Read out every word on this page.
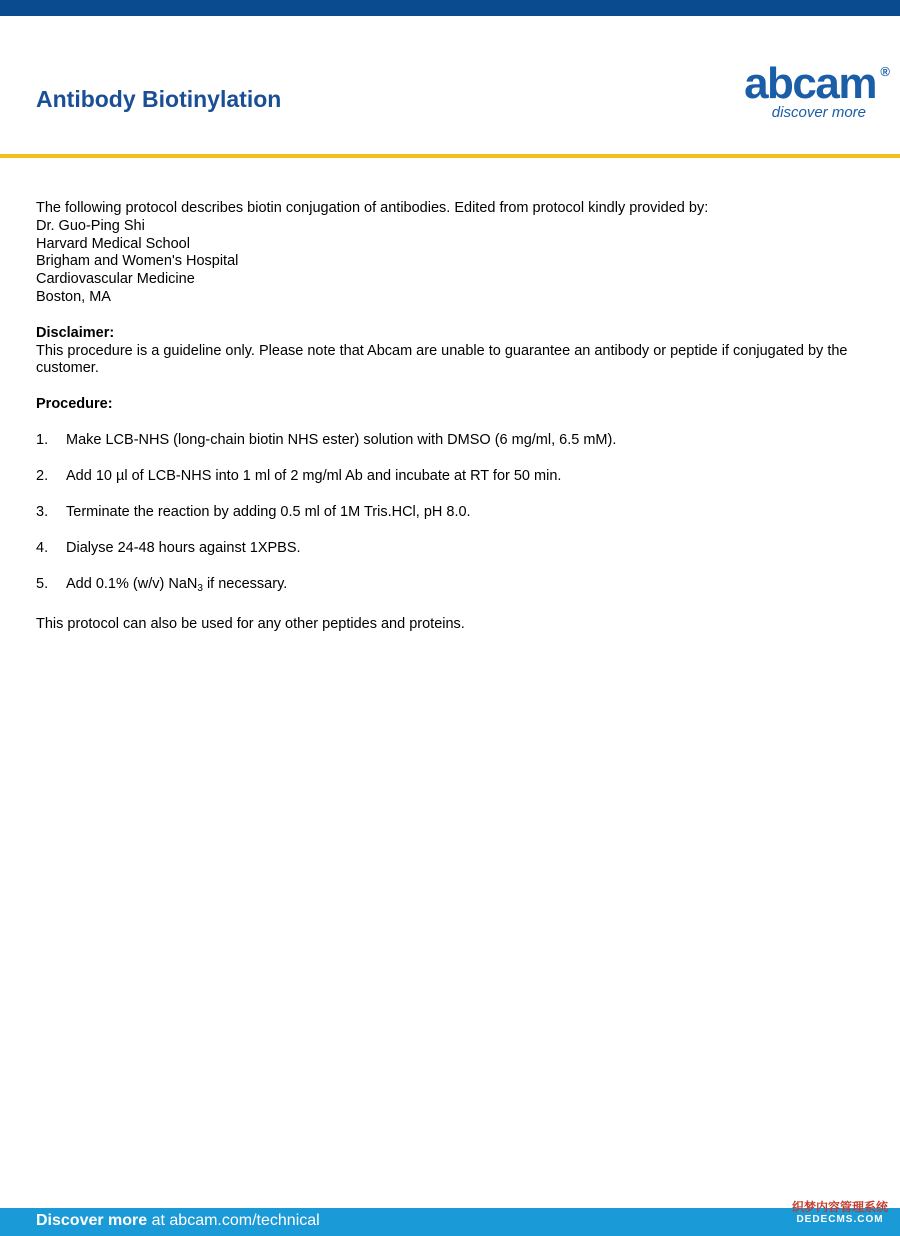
Antibody Biotinylation	abcam ®
discover more
The following protocol describes biotin conjugation of antibodies. Edited from protocol kindly provided by:
Dr. Guo-Ping Shi
Harvard Medical School
Brigham and Women's Hospital
Cardiovascular Medicine
Boston, MA
Disclaimer:
This procedure is a guideline only. Please note that Abcam are unable to guarantee an antibody or peptide if conjugated by the customer.
Procedure:
1.	Make LCB-NHS (long-chain biotin NHS ester) solution with DMSO (6 mg/ml, 6.5 mM).
2.	Add 10 µl of LCB-NHS into 1 ml of 2 mg/ml Ab and incubate at RT for 50 min.
3.	Terminate the reaction by adding 0.5 ml of 1M Tris.HCl, pH 8.0.
4.	Dialyse 24-48 hours against 1XPBS.
5.	Add 0.1% (w/v) NaN$_3$ if necessary.
This protocol can also be used for any other peptides and proteins.
Discover more at abcam.com/technical
织梦内容管理系统
DEDECMS.COM
